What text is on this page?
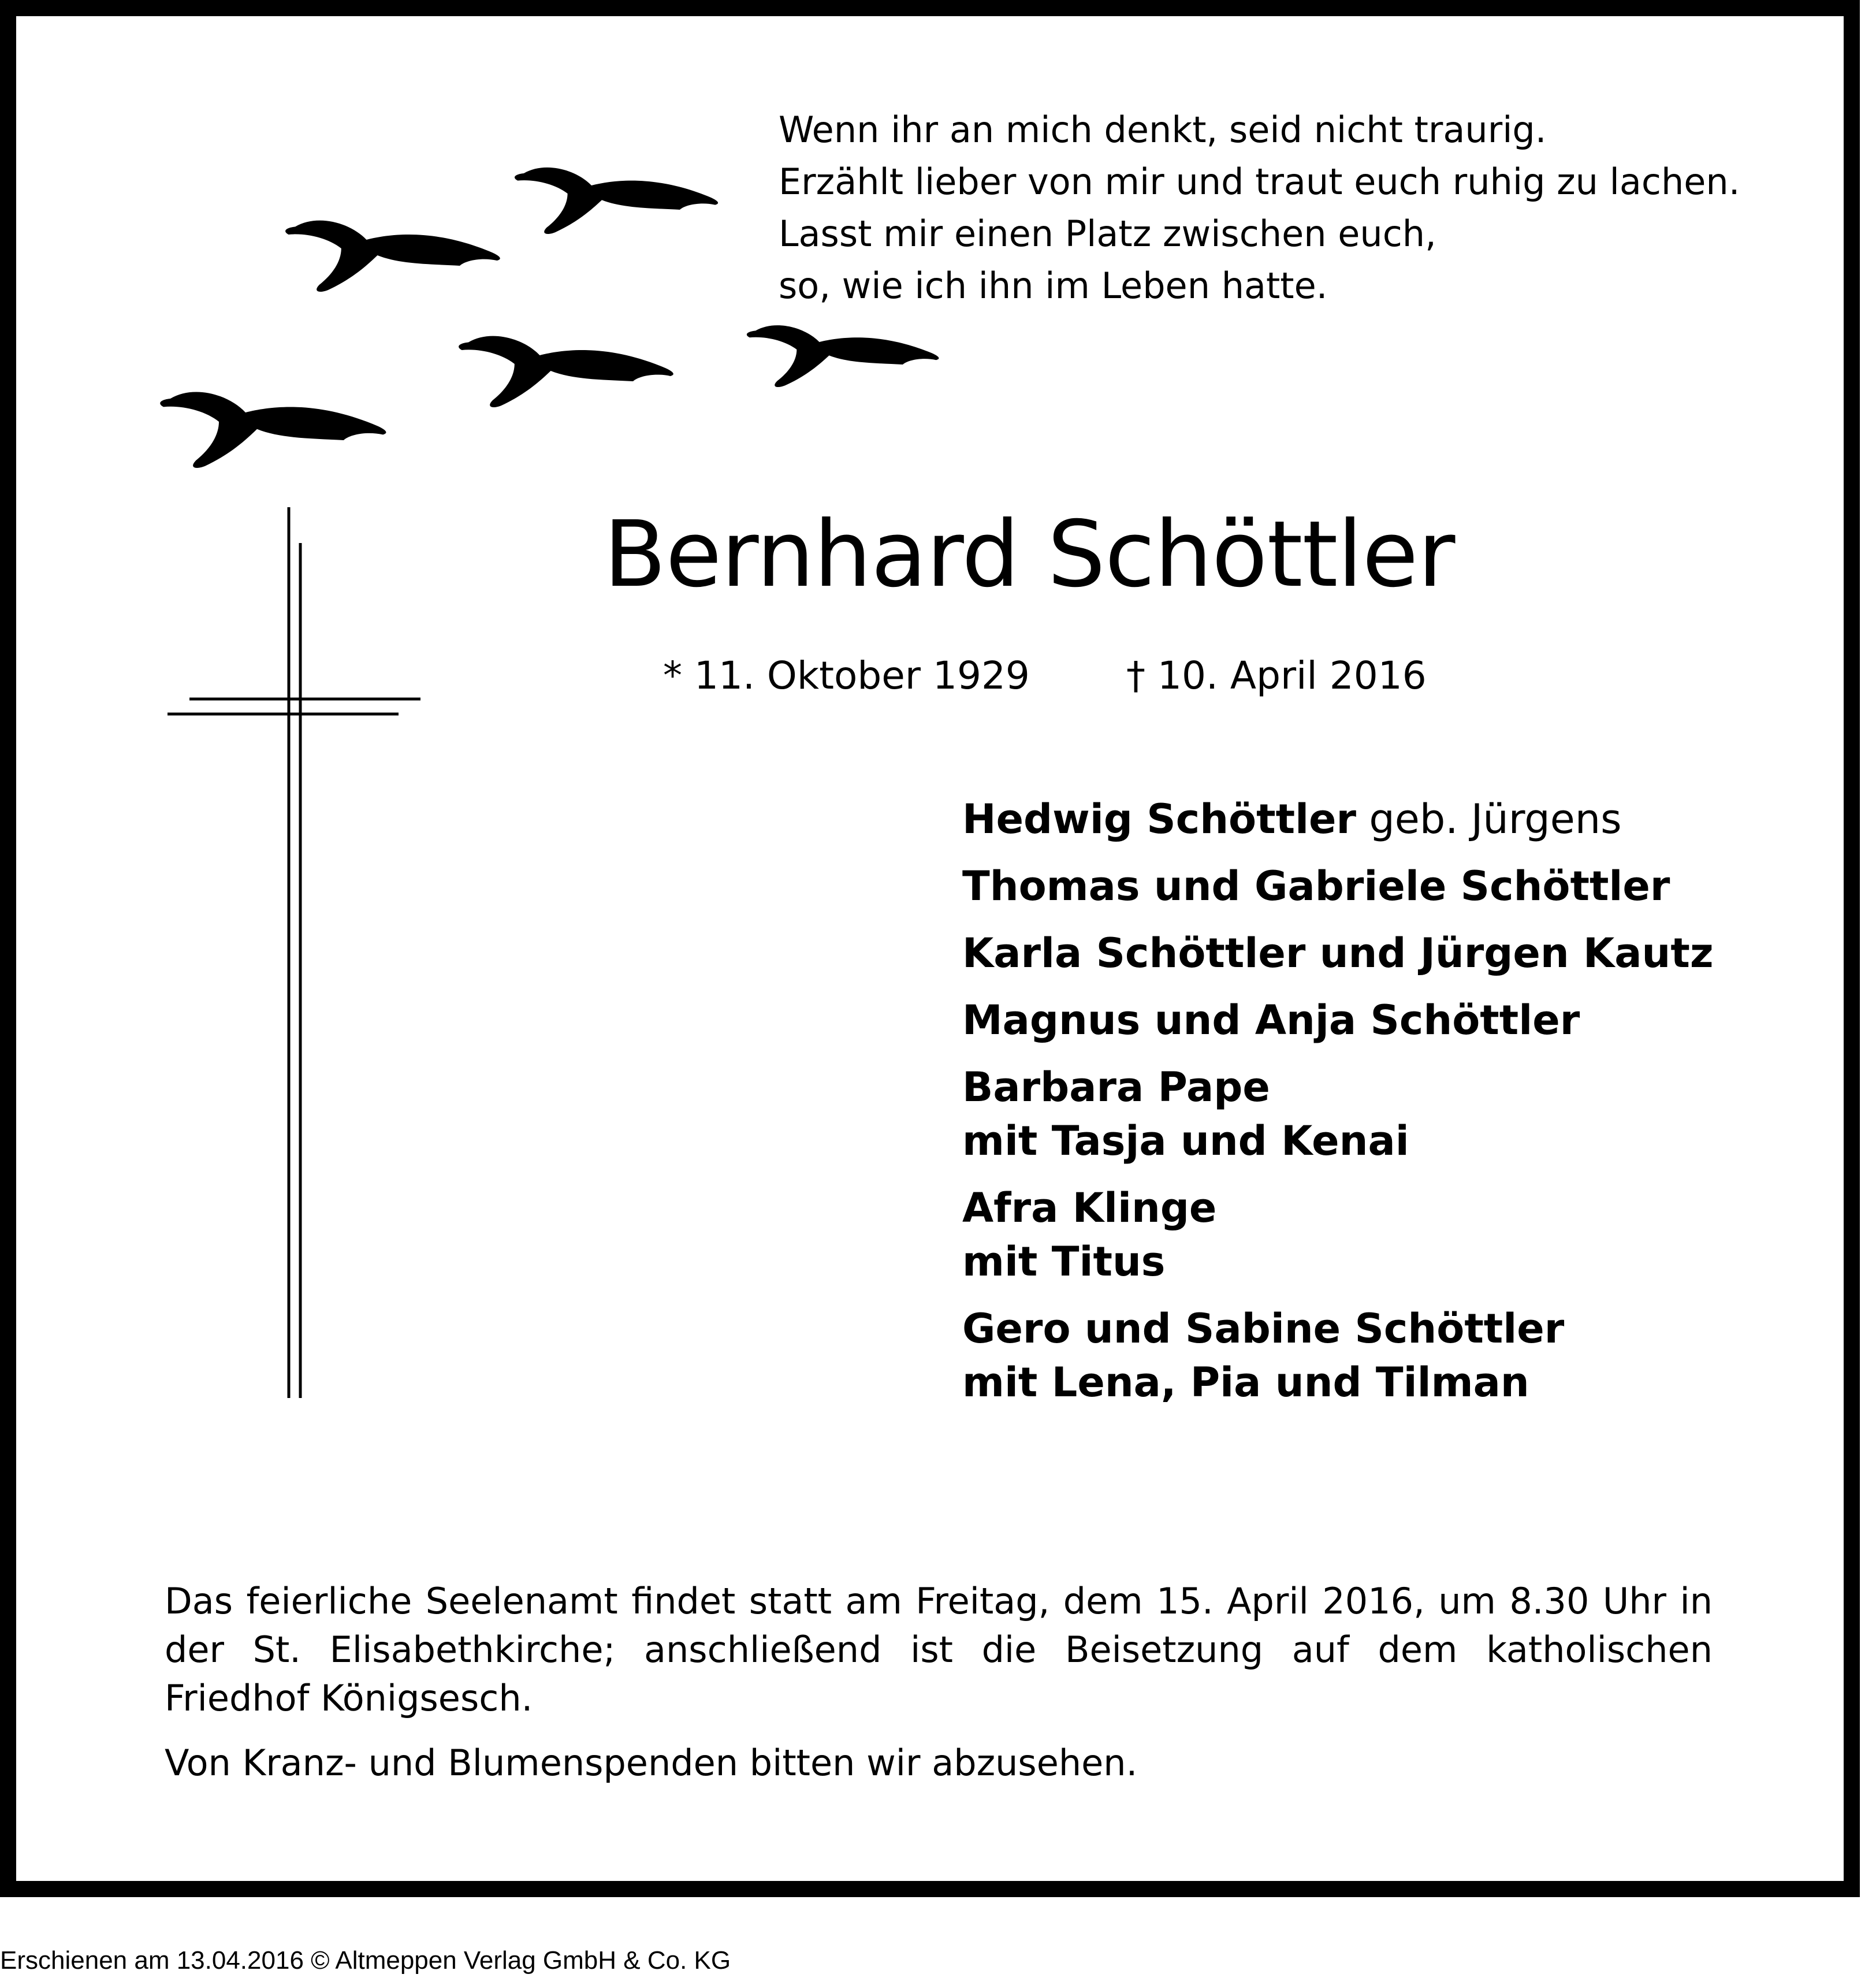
Wenn ihr an mich denkt, seid nicht traurig.
Erzählt lieber von mir und traut euch ruhig zu lachen.
Lasst mir einen Platz zwischen euch,
so, wie ich ihn im Leben hatte.
Bernhard Schöttler
* 11. Oktober 1929	† 10. April 2016
Hedwig Schöttler geb. Jürgens
Thomas und Gabriele Schöttler
Karla Schöttler und Jürgen Kautz
Magnus und Anja Schöttler
Barbara Pape
mit Tasja und Kenai
Afra Klinge
mit Titus
Gero und Sabine Schöttler
mit Lena, Pia und Tilman

Das feierliche Seelenamt findet statt am Freitag, dem 15. April 2016, um 8.30 Uhr in der St. Elisabethkirche; anschließend ist die Beisetzung auf dem katholischen Friedhof Königsesch.

Von Kranz- und Blumenspenden bitten wir abzusehen.
Erschienen am 13.04.2016 © Altmeppen Verlag GmbH & Co. KG
